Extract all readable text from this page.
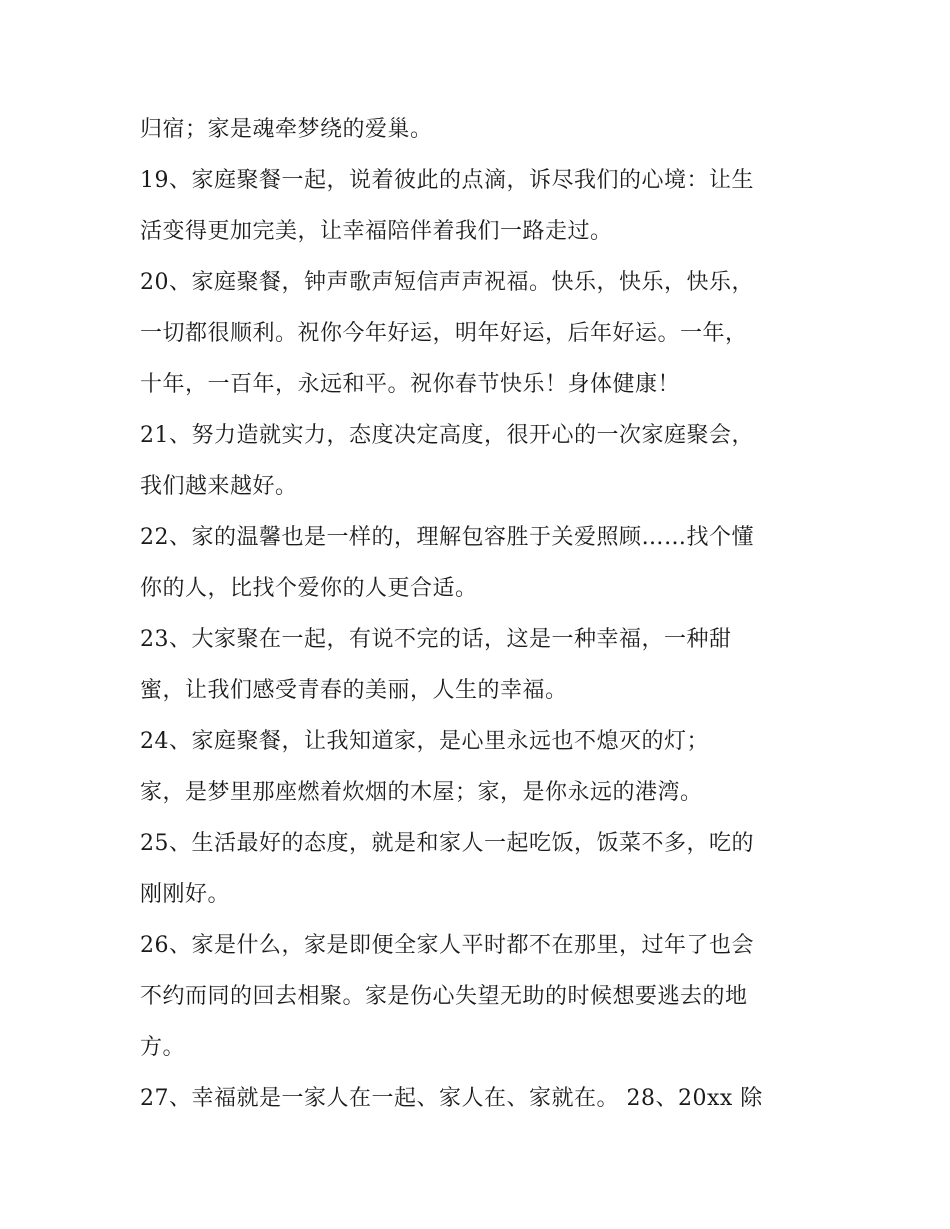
归宿；家是魂牵梦绕的爱巢。
19、家庭聚餐一起，说着彼此的点滴，诉尽我们的心境：让生
活变得更加完美，让幸福陪伴着我们一路走过。
20、家庭聚餐，钟声歌声短信声声祝福。快乐，快乐，快乐，
一切都很顺利。祝你今年好运，明年好运，后年好运。一年，
十年，一百年，永远和平。祝你春节快乐！身体健康！
21、努力造就实力，态度决定高度，很开心的一次家庭聚会，
我们越来越好。
22、家的温馨也是一样的，理解包容胜于关爱照顾……找个懂
你的人，比找个爱你的人更合适。
23、大家聚在一起，有说不完的话，这是一种幸福，一种甜
蜜，让我们感受青春的美丽，人生的幸福。
24、家庭聚餐，让我知道家，是心里永远也不熄灭的灯；
家，是梦里那座燃着炊烟的木屋；家，是你永远的港湾。
25、生活最好的态度，就是和家人一起吃饭，饭菜不多，吃的
刚刚好。
26、家是什么，家是即便全家人平时都不在那里，过年了也会
不约而同的回去相聚。家是伤心失望无助的时候想要逃去的地
方。
27、幸福就是一家人在一起、家人在、家就在。 28、20xx 除
